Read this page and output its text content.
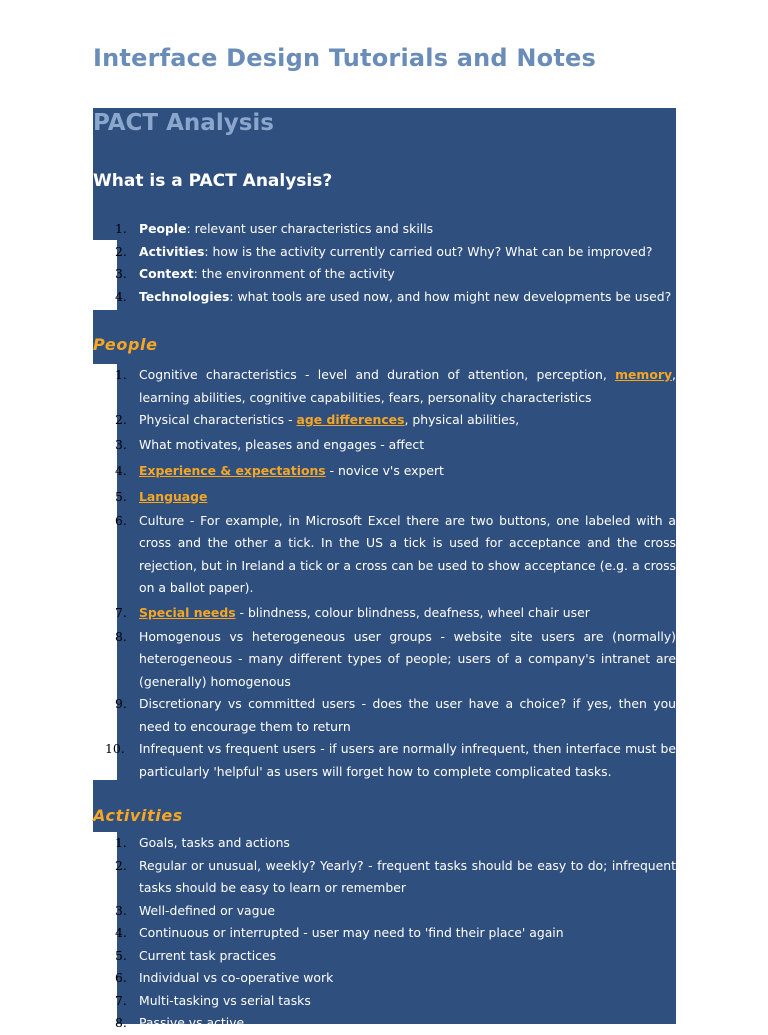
Interface Design Tutorials and Notes
PACT Analysis
What is a PACT Analysis?
1. People: relevant user characteristics and skills
2. Activities: how is the activity currently carried out? Why? What can be improved?
3. Context: the environment of the activity
4. Technologies: what tools are used now, and how might new developments be used?
People
1. Cognitive characteristics - level and duration of attention, perception, memory, learning abilities, cognitive capabilities, fears, personality characteristics
2. Physical characteristics - age differences, physical abilities,
3. What motivates, pleases and engages - affect
4. Experience & expectations - novice v's expert
5. Language
6. Culture - For example, in Microsoft Excel there are two buttons, one labeled with a cross and the other a tick. In the US a tick is used for acceptance and the cross rejection, but in Ireland a tick or a cross can be used to show acceptance (e.g. a cross on a ballot paper).
7. Special needs - blindness, colour blindness, deafness, wheel chair user
8. Homogenous vs heterogeneous user groups - website site users are (normally) heterogeneous - many different types of people; users of a company's intranet are (generally) homogenous
9. Discretionary vs committed users - does the user have a choice? if yes, then you need to encourage them to return
10. Infrequent vs frequent users - if users are normally infrequent, then interface must be particularly 'helpful' as users will forget how to complete complicated tasks.
Activities
1. Goals, tasks and actions
2. Regular or unusual, weekly? Yearly? - frequent tasks should be easy to do; infrequent tasks should be easy to learn or remember
3. Well-defined or vague
4. Continuous or interrupted - user may need to 'find their place' again
5. Current task practices
6. Individual vs co-operative work
7. Multi-tasking vs serial tasks
8. Passive vs active
